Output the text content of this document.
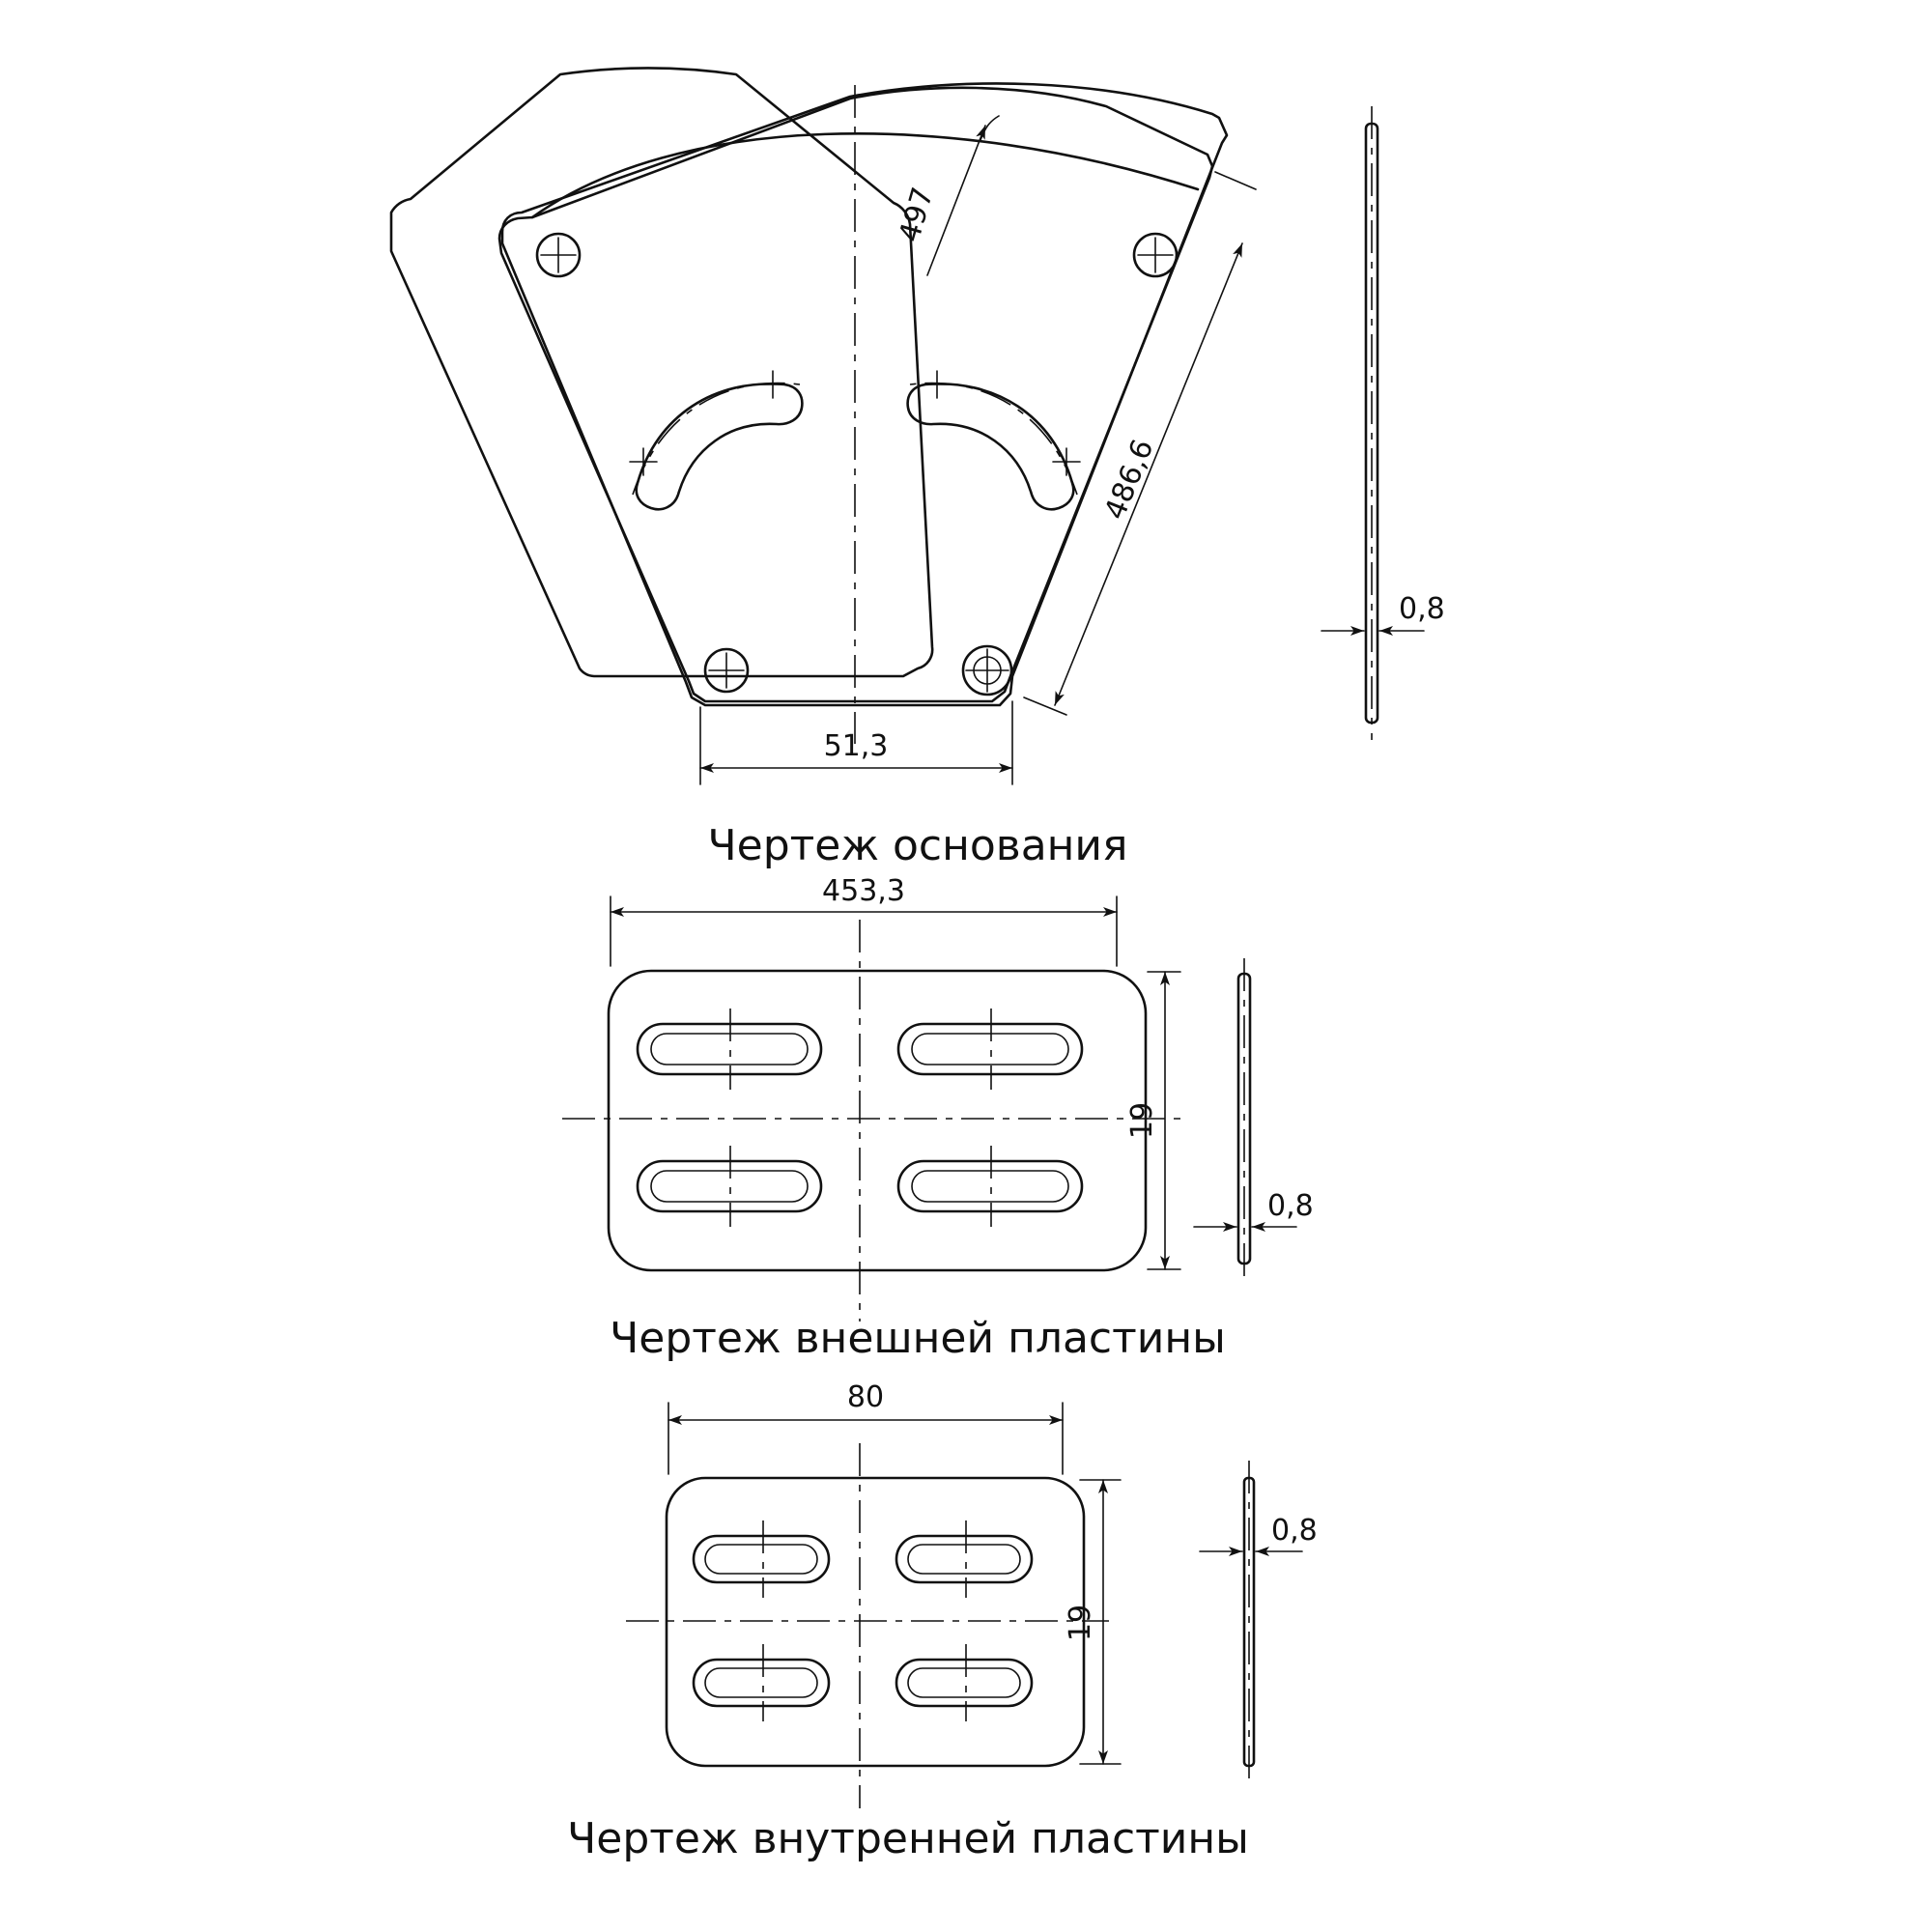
497
486,6
51,3
0,8
Чертеж основания
453,3
19
0,8
Чертеж внешней пластины
80
19
0,8
Чертеж внутренней пластины
